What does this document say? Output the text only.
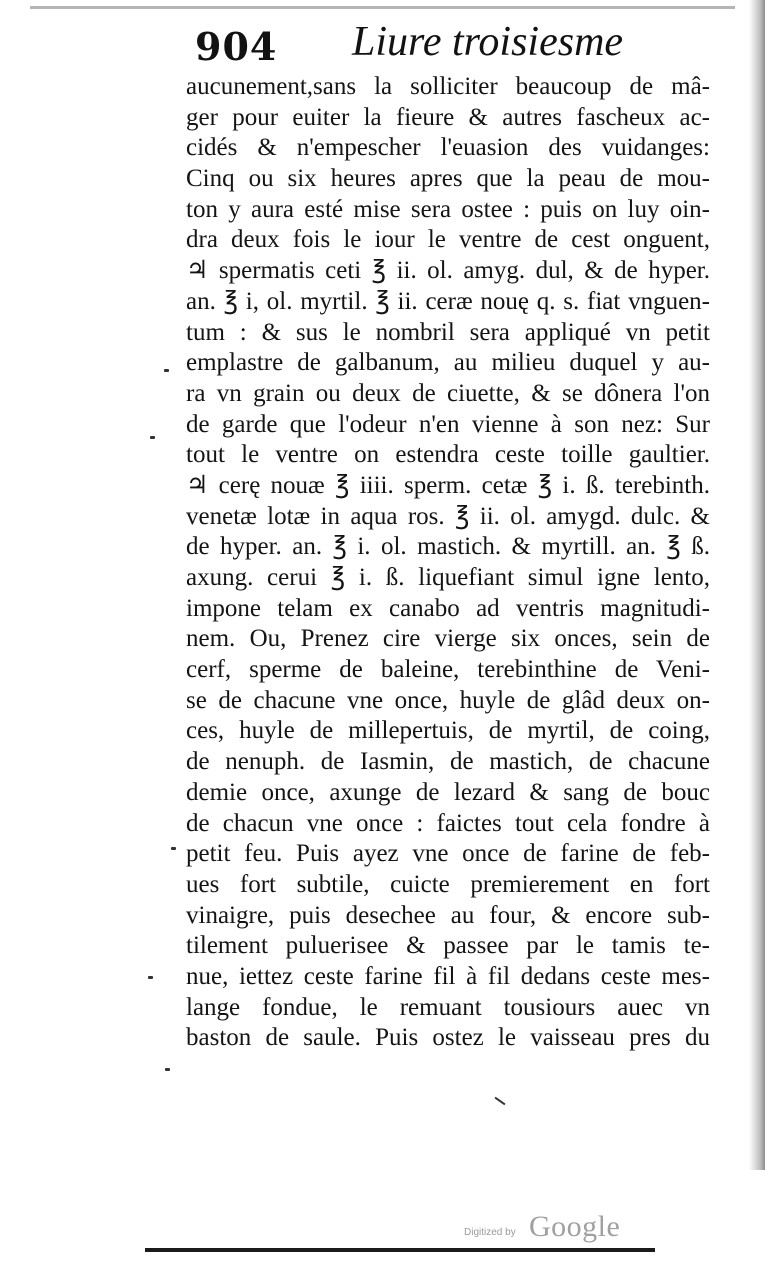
904 Liure troisiesme
aucunement,sans la solliciter beaucoup de mâ-
ger pour euiter la fieure & autres fascheux ac-
cidés & n'empescher l'euasion des vuidanges:
Cinq ou six heures apres que la peau de mou-
ton y aura esté mise sera ostee : puis on luy oin-
dra deux fois le iour le ventre de cest onguent,
♃ spermatis ceti ℥ ii. ol. amyg. dul, & de hyper.
an. ℥ i, ol. myrtil. ℥ ii. ceræ nouę q. s. fiat vnguen-
tum : & sus le nombril sera appliqué vn petit
emplastre de galbanum, au milieu duquel y au-
ra vn grain ou deux de ciuette, & se dônera l'on
de garde que l'odeur n'en vienne à son nez: Sur
tout le ventre on estendra ceste toille gaultier.
♃ cerę nouæ ℥ iiii. sperm. cetæ ℥ i. ß. terebinth.
venetæ lotæ in aqua ros. ℥ ii. ol. amygd. dulc. &
de hyper. an. ℥ i. ol. mastich. & myrtill. an. ℥ ß.
axung. cerui ℥ i. ß. liquefiant simul igne lento,
impone telam ex canabo ad ventris magnitudi-
nem. Ou, Prenez cire vierge six onces, sein de
cerf, sperme de baleine, terebinthine de Veni-
se de chacune vne once, huyle de glâd deux on-
ces, huyle de millepertuis, de myrtil, de coing,
de nenuph. de Iasmin, de mastich, de chacune
demie once, axunge de lezard & sang de bouc
de chacun vne once : faictes tout cela fondre à
petit feu. Puis ayez vne once de farine de feb-
ues fort subtile, cuicte premierement en fort
vinaigre, puis desechee au four, & encore sub-
tilement puluerisee & passee par le tamis te-
nue, iettez ceste farine fil à fil dedans ceste mes-
lange fondue, le remuant tousiours auec vn
baston de saule. Puis ostez le vaisseau pres du
Digitized by Google
